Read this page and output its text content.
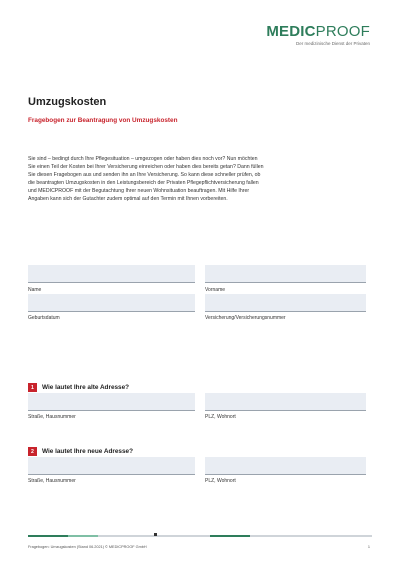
MEDICPROOF
Der medizinische Dienst der Privaten
Umzugskosten
Fragebogen zur Beantragung von Umzugskosten
Sie sind – bedingt durch Ihre Pflegesituation – umgezogen oder haben dies noch vor? Nun möchten Sie einen Teil der Kosten bei Ihrer Versicherung einreichen oder haben dies bereits getan? Dann füllen Sie diesen Fragebogen aus und senden ihn an Ihre Versicherung. So kann diese schneller prüfen, ob die beantragten Umzugskosten in den Leistungsbereich der Privaten Pflegepflichtversicherung fallen und MEDICPROOF mit der Begutachtung Ihrer neuen Wohnsituation beauftragen. Mit Hilfe Ihrer Angaben kann sich der Gutachter zudem optimal auf den Termin mit Ihnen vorbereiten.
Name	Vorname
Geburtsdatum	Versicherung/Versicherungsnummer
1	Wie lautet Ihre alte Adresse?
Straße, Hausnummer	PLZ, Wohnort
2	Wie lautet Ihre neue Adresse?
Straße, Hausnummer	PLZ, Wohnort
Fragebogen: Umzugskosten (Stand 06.2021) © MEDICPROOF GmbH	1
